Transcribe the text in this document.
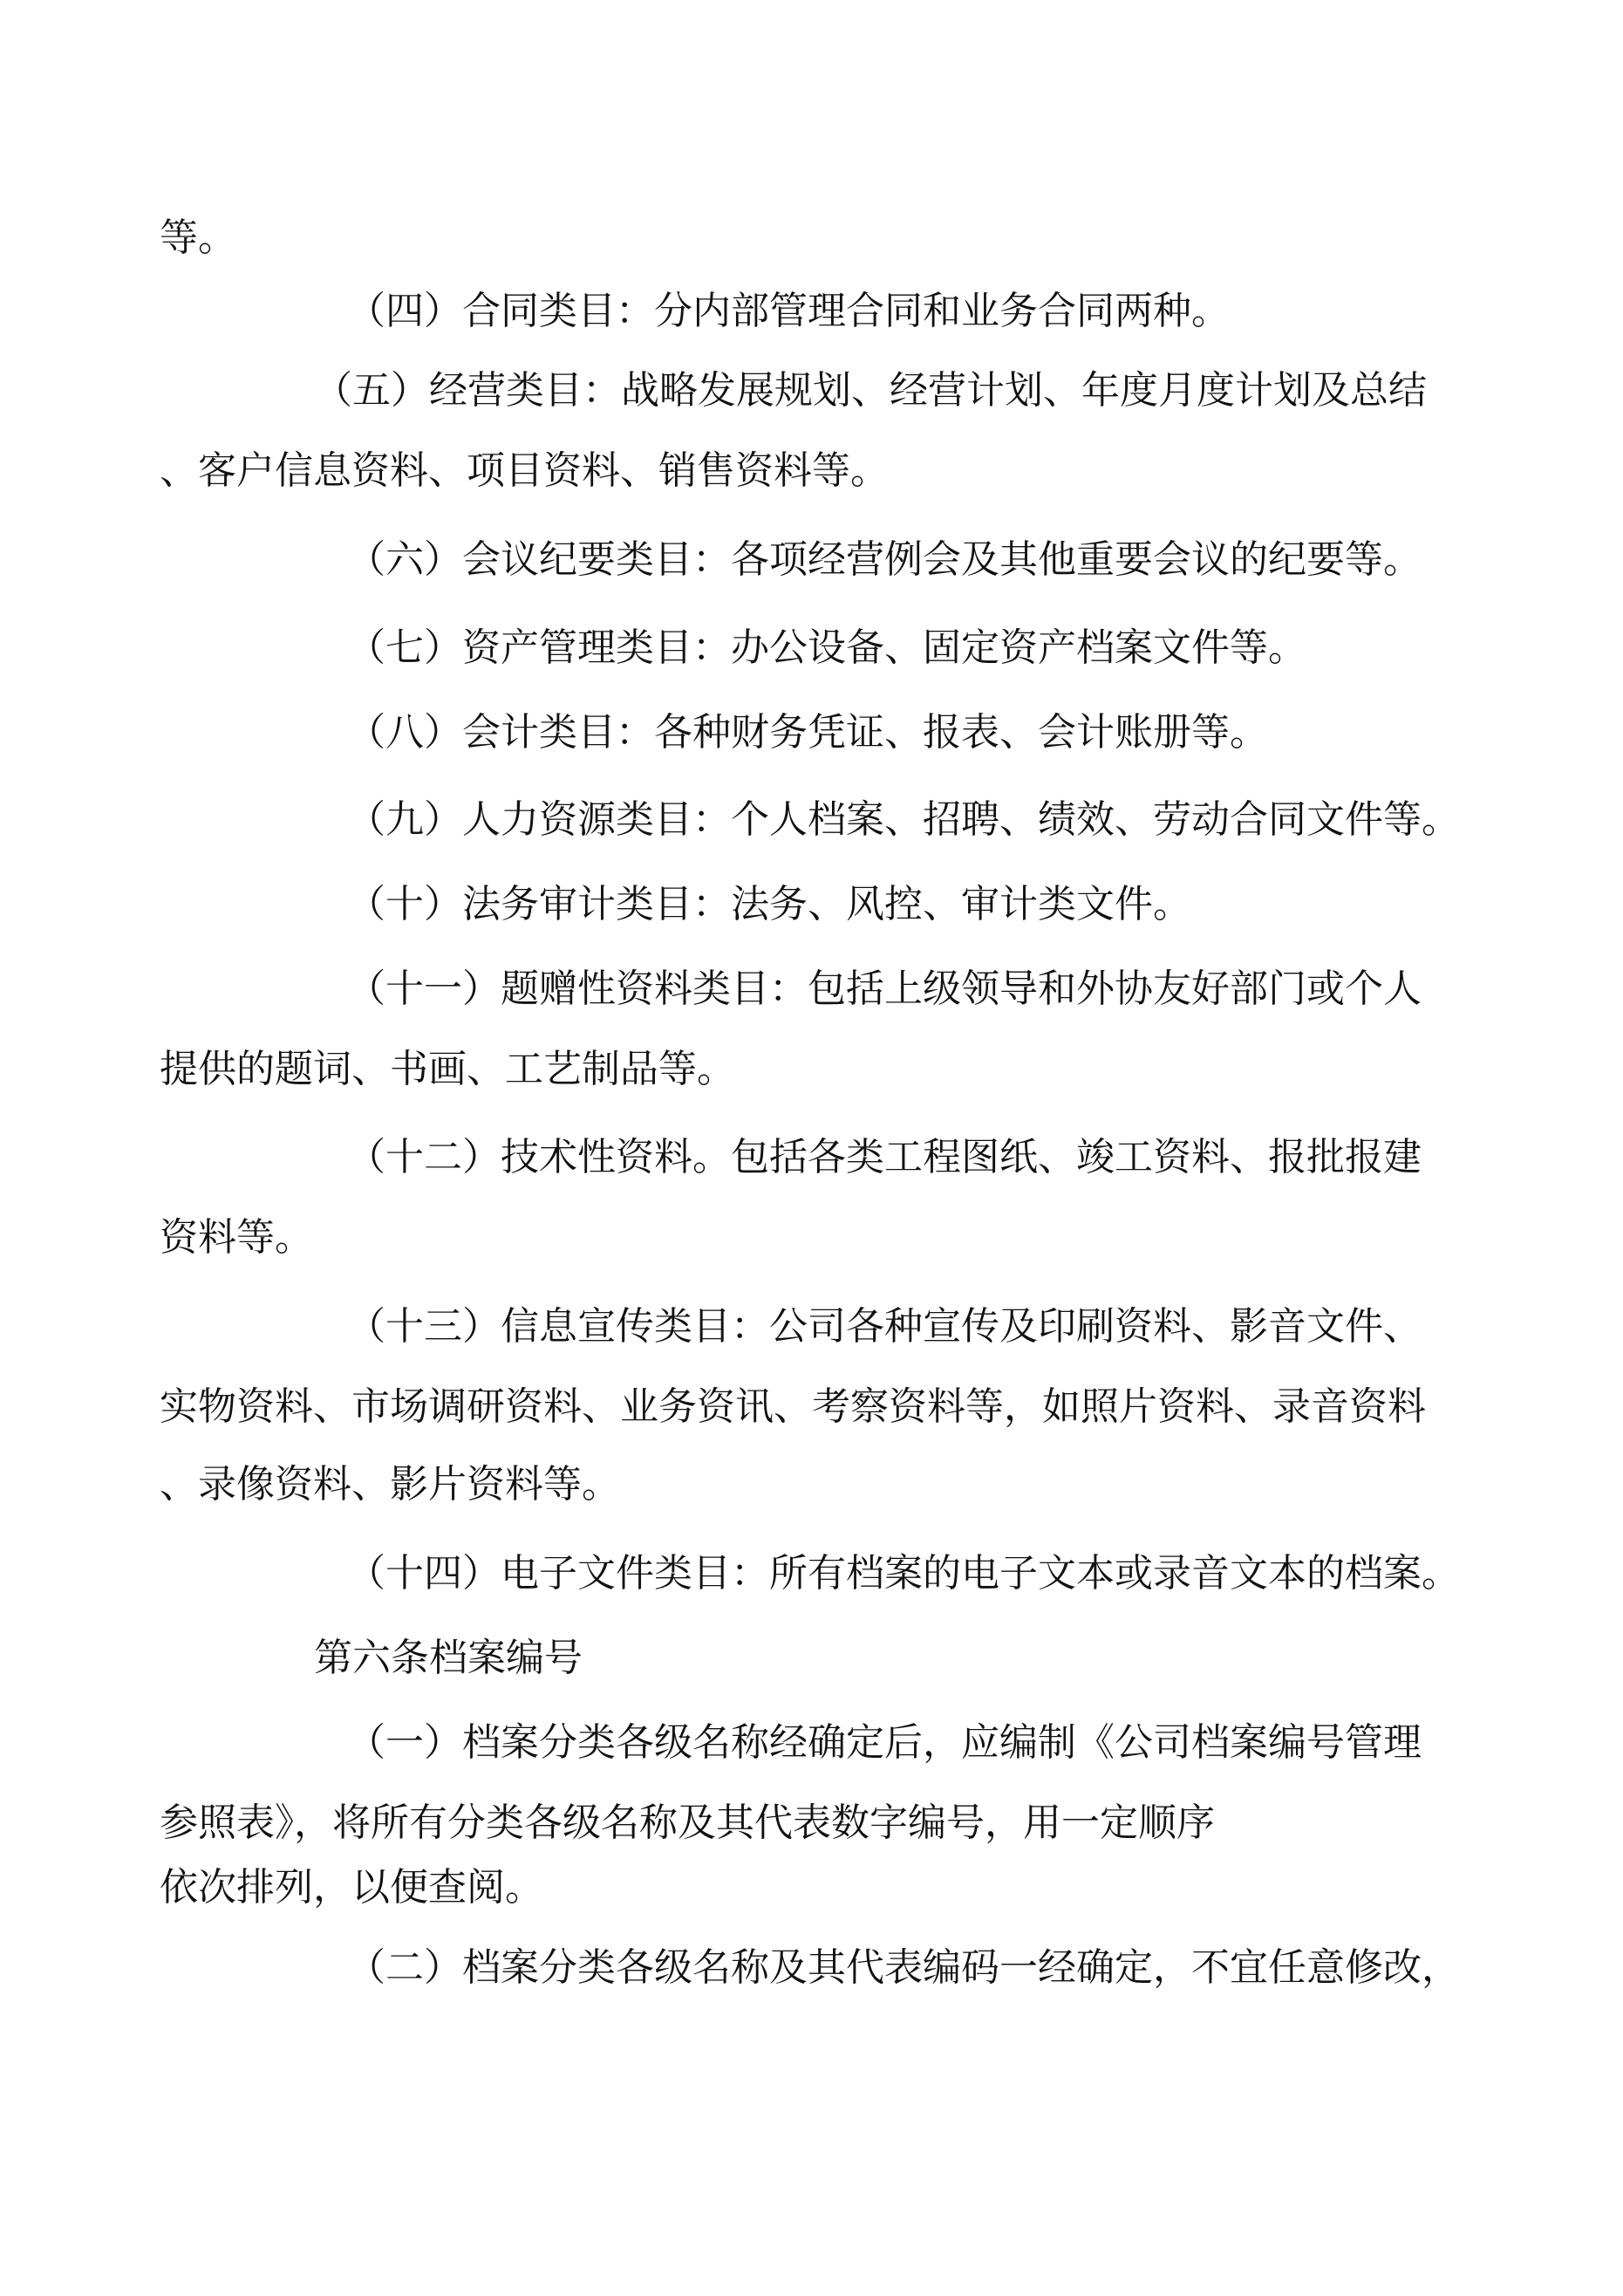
等。

（四）合同类目：分内部管理合同和业务合同两种。

（五）经营类目：战略发展规划、经营计划、年度月度计划及总结

、客户信息资料、项目资料、销售资料等。

（六）会议纪要类目：各项经营例会及其他重要会议的纪要等。

（七）资产管理类目：办公设备、固定资产档案文件等。

（八）会计类目：各种财务凭证、报表、会计账册等。

（九）人力资源类目：个人档案、招聘、绩效、劳动合同文件等。

（十）法务审计类目：法务、风控、审计类文件。

（十一）题赠性资料类目：包括上级领导和外协友好部门或个人

提供的题词、书画、工艺制品等。

（十二）技术性资料。包括各类工程图纸、竣工资料、报批报建

资料等。

（十三）信息宣传类目：公司各种宣传及印刷资料、影音文件、

实物资料、市场调研资料、业务资讯、考察资料等，如照片资料、录音资料

、录像资料、影片资料等。

（十四）电子文件类目：所有档案的电子文本或录音文本的档案。

第六条档案编号

（一）档案分类各级名称经确定后，应编制《公司档案编号管理

参照表》，将所有分类各级名称及其代表数字编号，用一定顺序

依次排列，以便查阅。

（二）档案分类各级名称及其代表编码一经确定，不宜任意修改，
